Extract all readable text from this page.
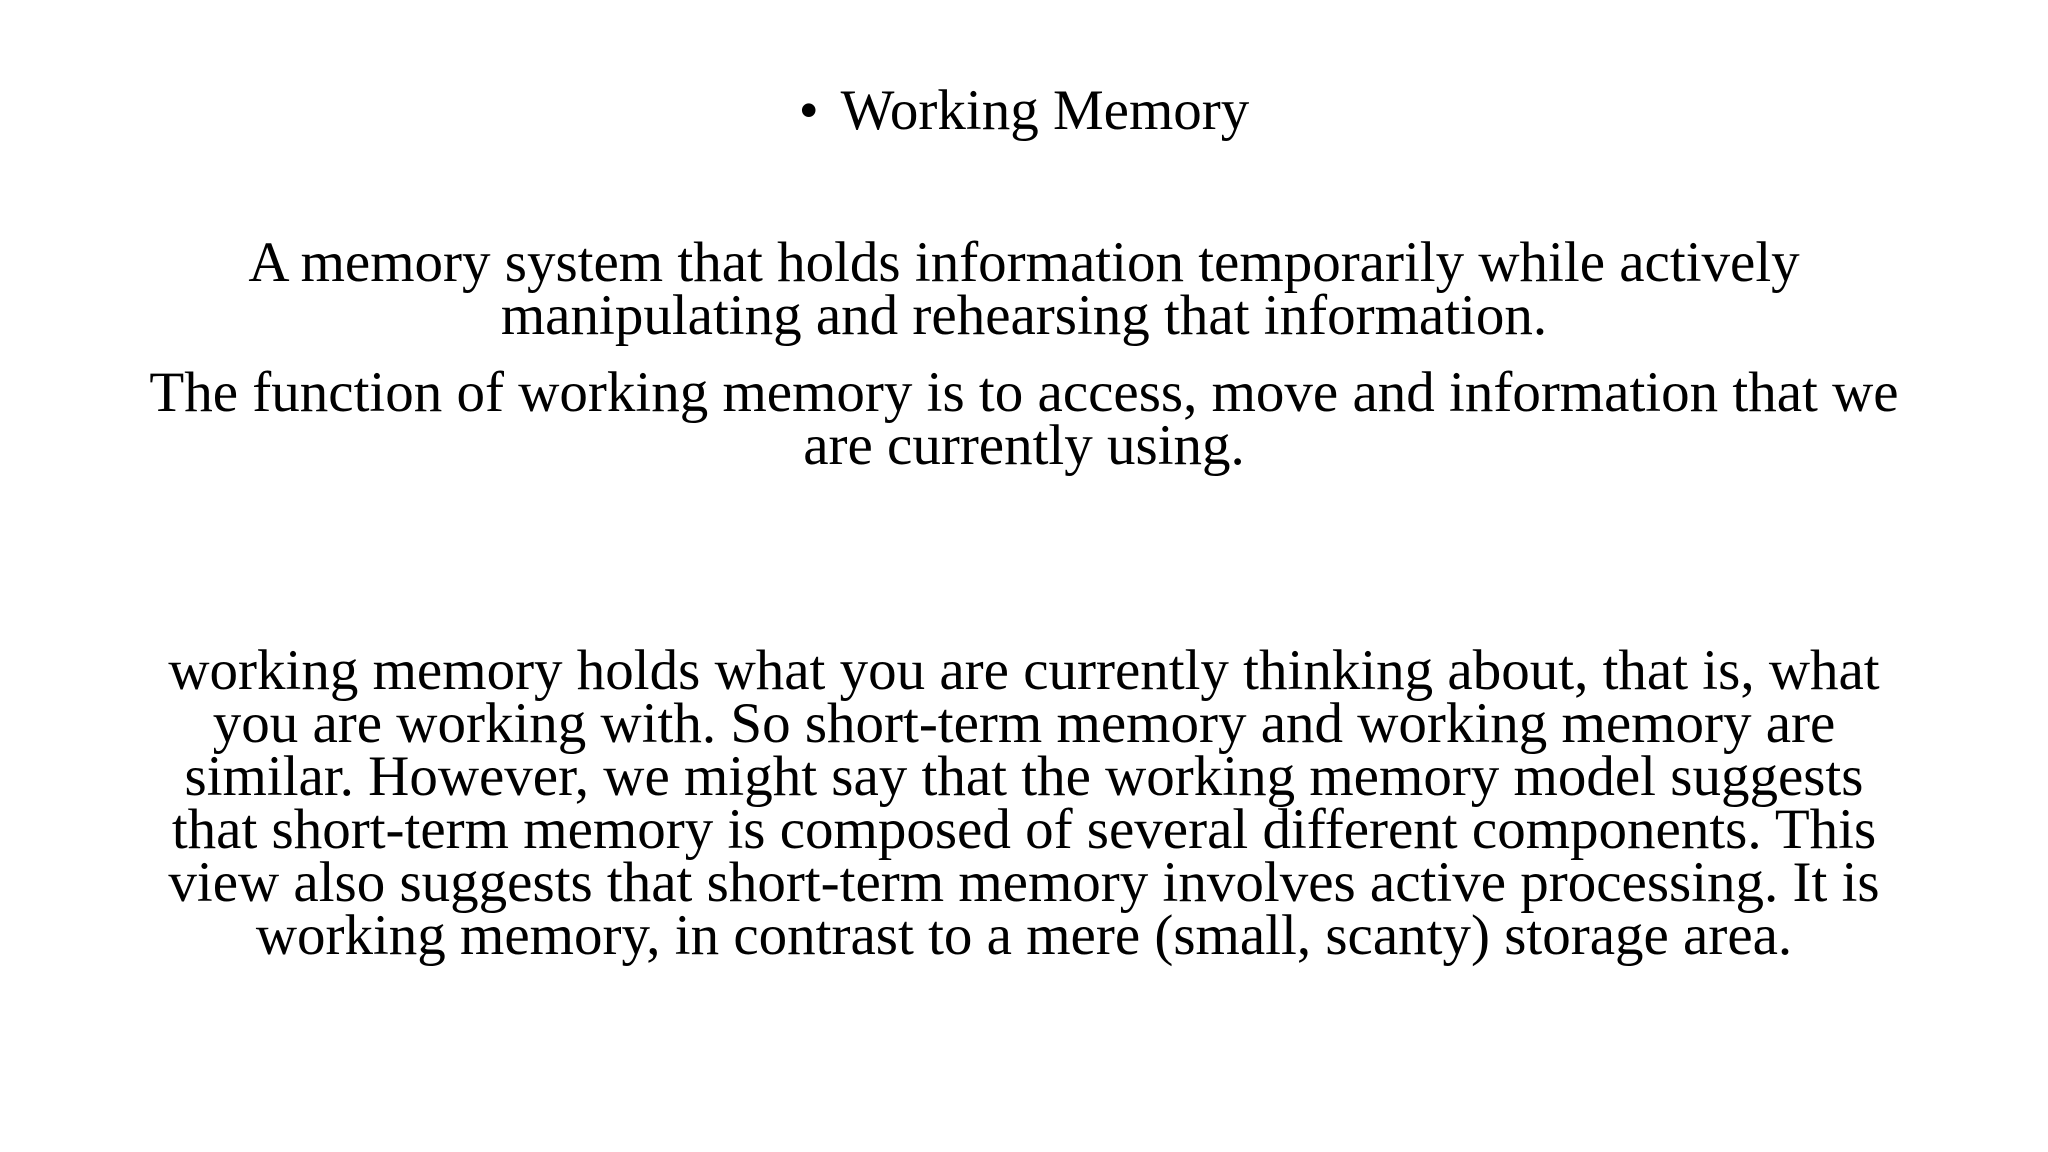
• Working Memory

A memory system that holds information temporarily while actively manipulating and rehearsing that information.

The function of working memory is to access, move and information that we are currently using.

working memory holds what you are currently thinking about, that is, what you are working with. So short-term memory and working memory are similar. However, we might say that the working memory model suggests that short-term memory is composed of several different components. This view also suggests that short-term memory involves active processing. It is working memory, in contrast to a mere (small, scanty) storage area.
